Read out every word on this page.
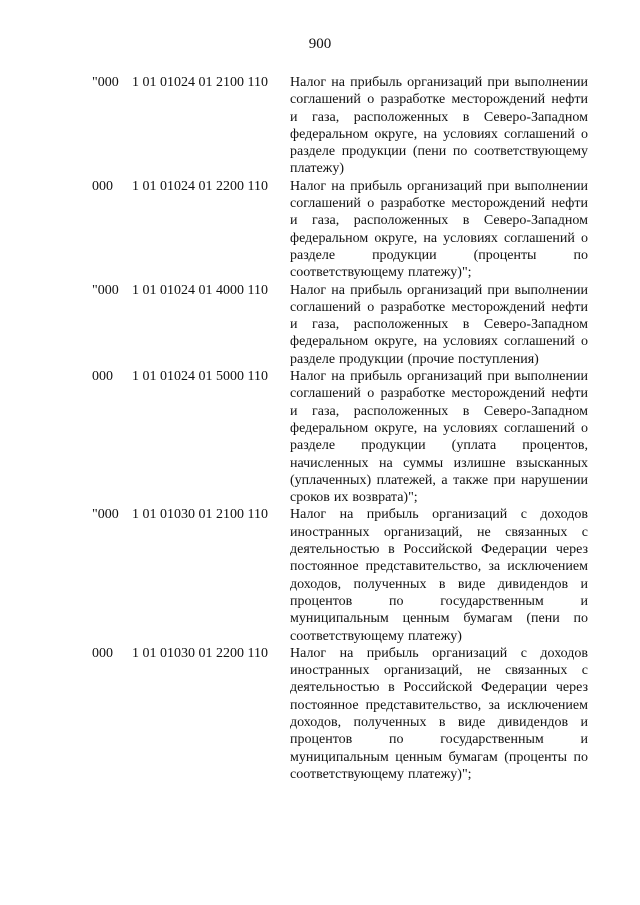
900
"000 1 01 01024 01 2100 110 Налог на прибыль организаций при выполнении соглашений о разработке месторождений нефти и газа, расположенных в Северо-Западном федеральном округе, на условиях соглашений о разделе продукции (пени по соответствующему платежу)
000 1 01 01024 01 2200 110 Налог на прибыль организаций при выполнении соглашений о разработке месторождений нефти и газа, расположенных в Северо-Западном федеральном округе, на условиях соглашений о разделе продукции (проценты по соответствующему платежу)";
"000 1 01 01024 01 4000 110 Налог на прибыль организаций при выполнении соглашений о разработке месторождений нефти и газа, расположенных в Северо-Западном федеральном округе, на условиях соглашений о разделе продукции (прочие поступления)
000 1 01 01024 01 5000 110 Налог на прибыль организаций при выполнении соглашений о разработке месторождений нефти и газа, расположенных в Северо-Западном федеральном округе, на условиях соглашений о разделе продукции (уплата процентов, начисленных на суммы излишне взысканных (уплаченных) платежей, а также при нарушении сроков их возврата)";
"000 1 01 01030 01 2100 110 Налог на прибыль организаций с доходов иностранных организаций, не связанных с деятельностью в Российской Федерации через постоянное представительство, за исключением доходов, полученных в виде дивидендов и процентов по государственным и муниципальным ценным бумагам (пени по соответствующему платежу)
000 1 01 01030 01 2200 110 Налог на прибыль организаций с доходов иностранных организаций, не связанных с деятельностью в Российской Федерации через постоянное представительство, за исключением доходов, полученных в виде дивидендов и процентов по государственным и муниципальным ценным бумагам (проценты по соответствующему платежу)";
